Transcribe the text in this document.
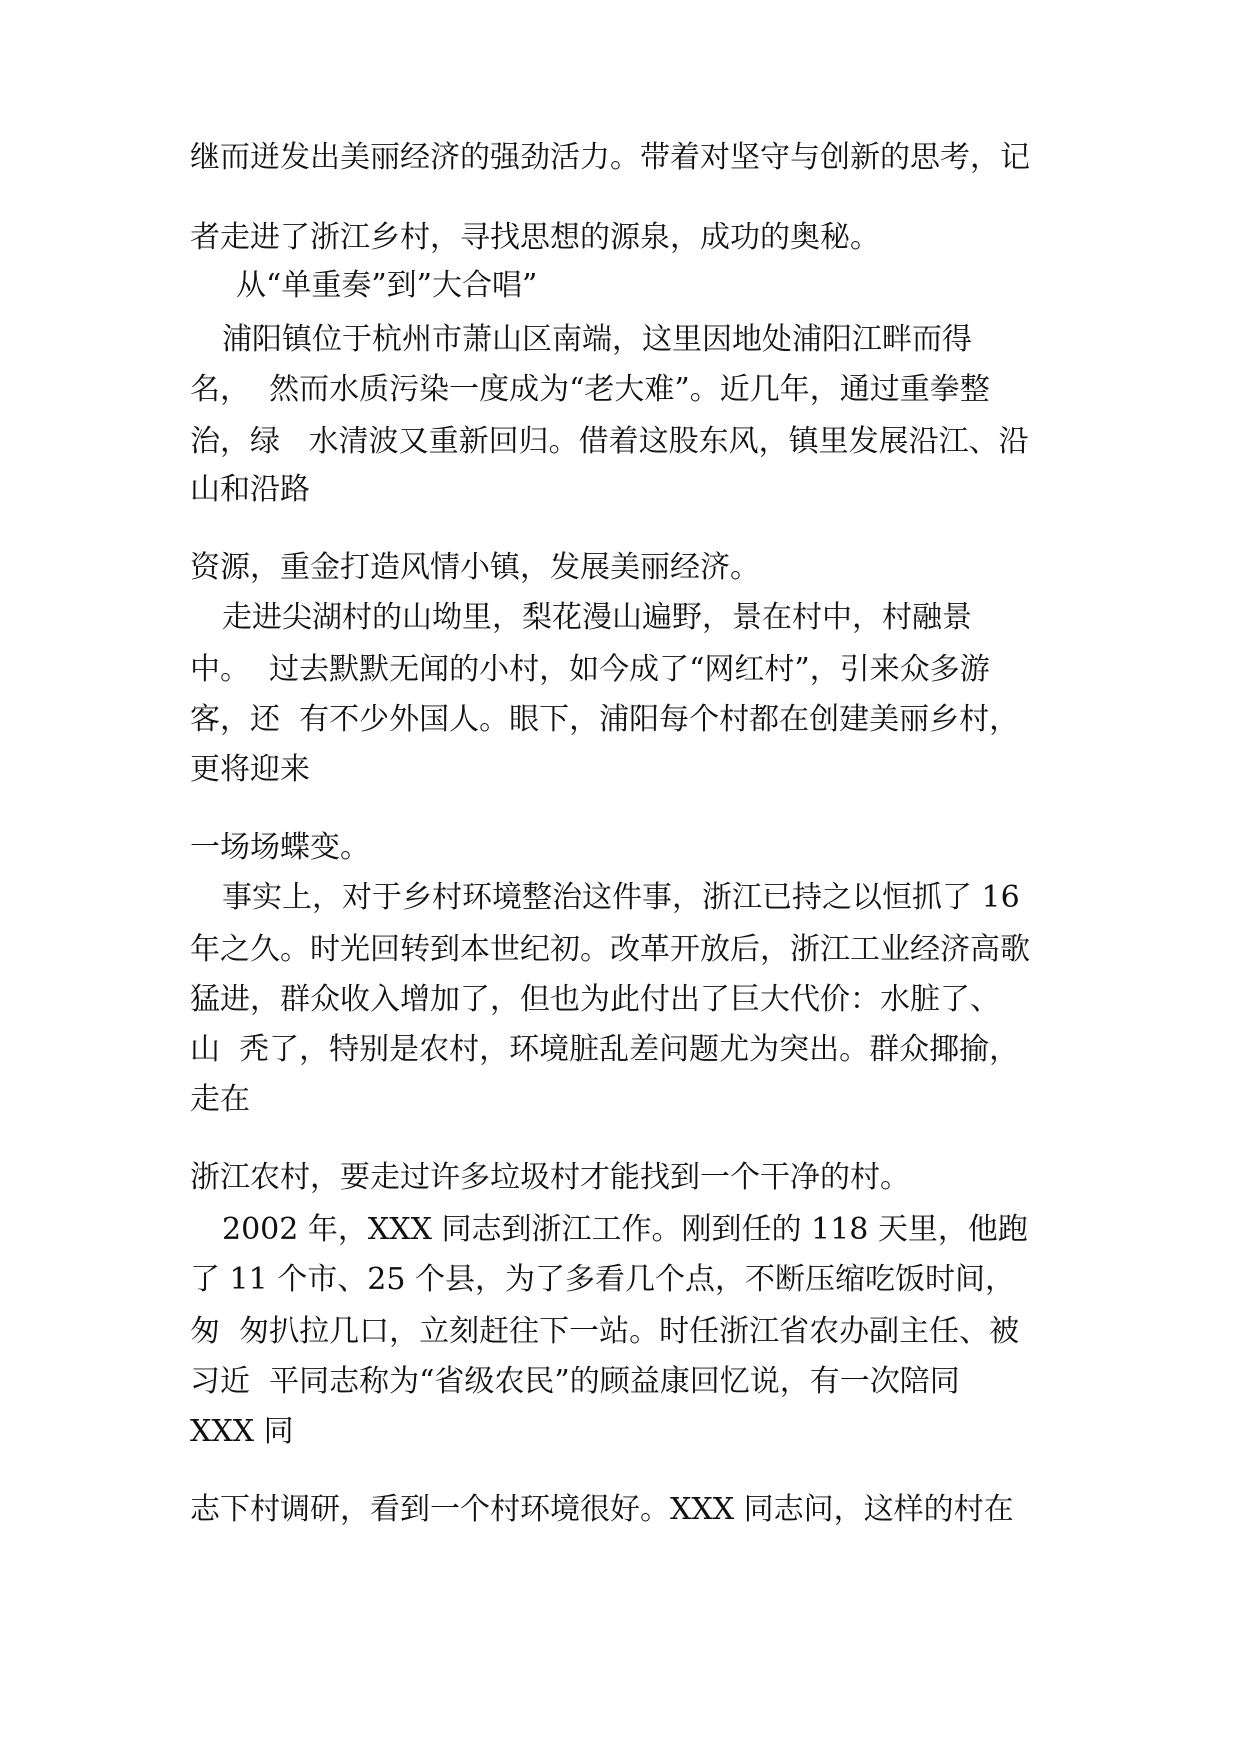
继而迸发出美丽经济的强劲活力。带着对坚守与创新的思考，记
者走进了浙江乡村，寻找思想的源泉，成功的奥秘。
从“单重奏”到”大合唱”
浦阳镇位于杭州市萧山区南端，这里因地处浦阳江畔而得
名，  然而水质污染一度成为“老大难”。近几年，通过重拳整
治，绿   水清波又重新回归。借着这股东风，镇里发展沿江、沿
山和沿路
资源，重金打造风情小镇，发展美丽经济。
走进尖湖村的山坳里，梨花漫山遍野，景在村中，村融景
中。  过去默默无闻的小村，如今成了“网红村”，引来众多游
客，还  有不少外国人。眼下，浦阳每个村都在创建美丽乡村，
更将迎来
一场场蝶变。
事实上，对于乡村环境整治这件事，浙江已持之以恒抓了 16
年之久。时光回转到本世纪初。改革开放后，浙江工业经济高歌
猛进，群众收入增加了，但也为此付出了巨大代价：水脏了、
山  秃了，特别是农村，环境脏乱差问题尤为突出。群众揶揄，
走在
浙江农村，要走过许多垃圾村才能找到一个干净的村。
2002 年，XXX 同志到浙江工作。刚到任的 118 天里，他跑
了 11 个市、25 个县，为了多看几个点，不断压缩吃饭时间，
匆  匆扒拉几口，立刻赶往下一站。时任浙江省农办副主任、被
习近  平同志称为“省级农民”的顾益康回忆说，有一次陪同
XXX 同
志下村调研，看到一个村环境很好。XXX 同志问，这样的村在
